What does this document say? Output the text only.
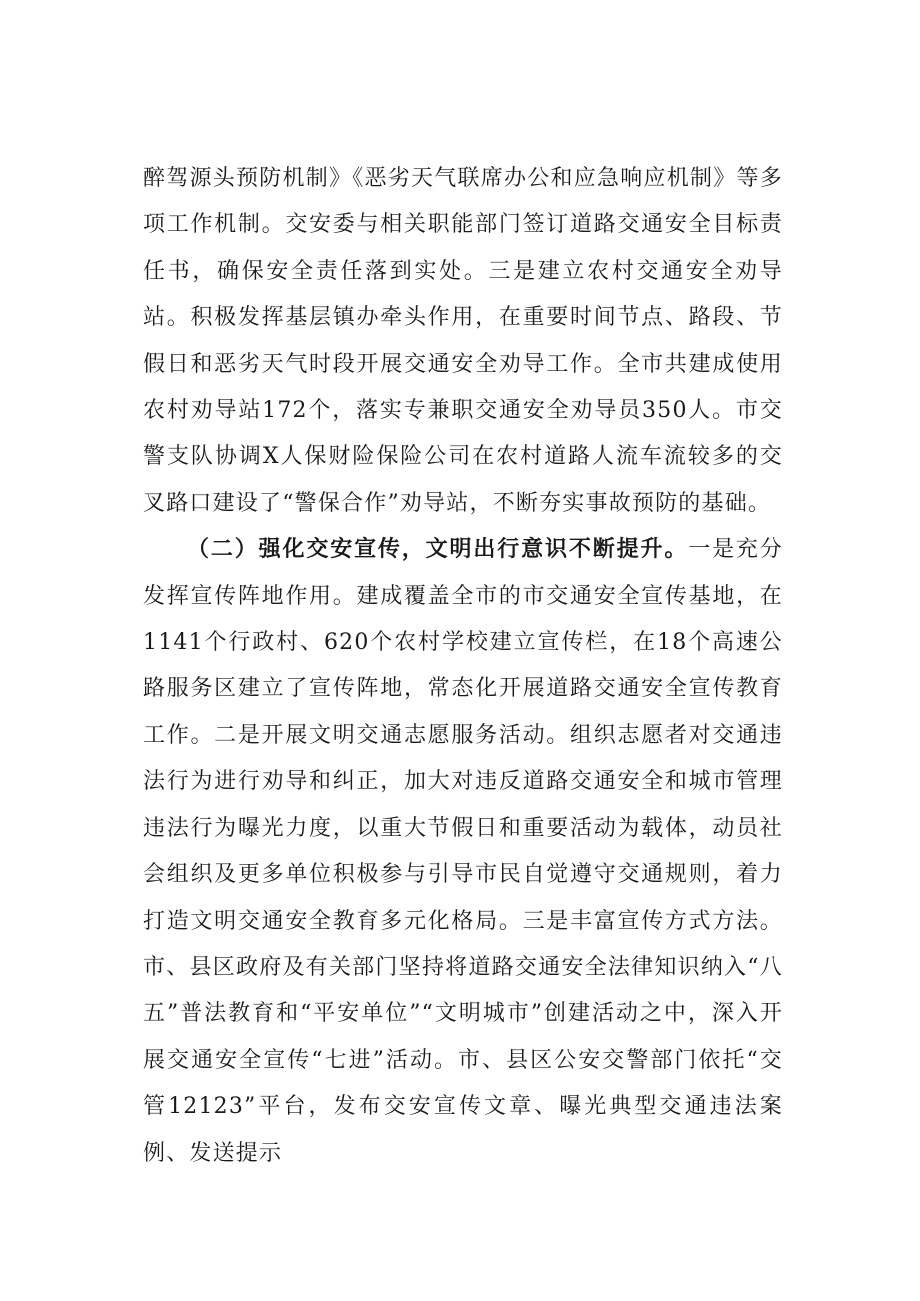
醉驾源头预防机制》《恶劣天气联席办公和应急响应机制》等多项工作机制。交安委与相关职能部门签订道路交通安全目标责任书，确保安全责任落到实处。三是建立农村交通安全劝导站。积极发挥基层镇办牵头作用，在重要时间节点、路段、节假日和恶劣天气时段开展交通安全劝导工作。全市共建成使用农村劝导站172个，落实专兼职交通安全劝导员350人。市交警支队协调X人保财险保险公司在农村道路人流车流较多的交叉路口建设了“警保合作”劝导站，不断夯实事故预防的基础。

（二）强化交安宣传，文明出行意识不断提升。一是充分发挥宣传阵地作用。建成覆盖全市的市交通安全宣传基地，在1141个行政村、620个农村学校建立宣传栏，在18个高速公路服务区建立了宣传阵地，常态化开展道路交通安全宣传教育工作。二是开展文明交通志愿服务活动。组织志愿者对交通违法行为进行劝导和纠正，加大对违反道路交通安全和城市管理违法行为曝光力度，以重大节假日和重要活动为载体，动员社会组织及更多单位积极参与引导市民自觉遵守交通规则，着力打造文明交通安全教育多元化格局。三是丰富宣传方式方法。市、县区政府及有关部门坚持将道路交通安全法律知识纳入“八五”普法教育和“平安单位”“文明城市”创建活动之中，深入开展交通安全宣传“七进”活动。市、县区公安交警部门依托“交管12123”平台，发布交安宣传文章、曝光典型交通违法案例、发送提示
